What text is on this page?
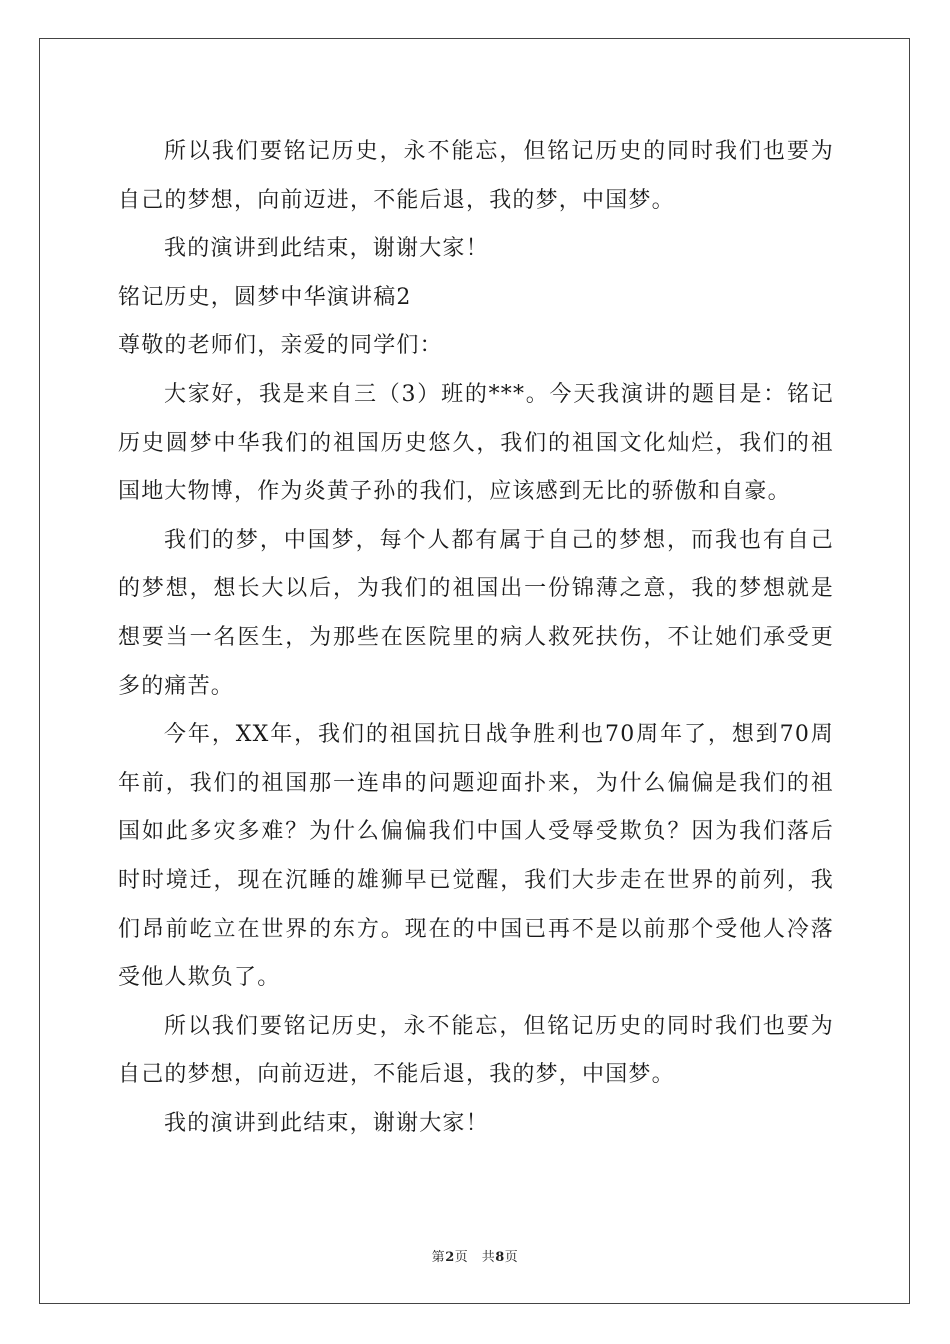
所以我们要铭记历史，永不能忘，但铭记历史的同时我们也要为
自己的梦想，向前迈进，不能后退，我的梦，中国梦。
我的演讲到此结束，谢谢大家！
铭记历史，圆梦中华演讲稿2
尊敬的老师们，亲爱的同学们：
大家好，我是来自三（3）班的***。今天我演讲的题目是：铭记
历史圆梦中华我们的祖国历史悠久，我们的祖国文化灿烂，我们的祖
国地大物博，作为炎黄子孙的我们，应该感到无比的骄傲和自豪。
我们的梦，中国梦，每个人都有属于自己的梦想，而我也有自己
的梦想，想长大以后，为我们的祖国出一份锦薄之意，我的梦想就是
想要当一名医生，为那些在医院里的病人救死扶伤，不让她们承受更
多的痛苦。
今年，XX年，我们的祖国抗日战争胜利也70周年了，想到70周
年前，我们的祖国那一连串的问题迎面扑来，为什么偏偏是我们的祖
国如此多灾多难？为什么偏偏我们中国人受辱受欺负？因为我们落后
时时境迁，现在沉睡的雄狮早已觉醒，我们大步走在世界的前列，我
们昂前屹立在世界的东方。现在的中国已再不是以前那个受他人冷落
受他人欺负了。
所以我们要铭记历史，永不能忘，但铭记历史的同时我们也要为
自己的梦想，向前迈进，不能后退，我的梦，中国梦。
我的演讲到此结束，谢谢大家！
第2页　共8页
